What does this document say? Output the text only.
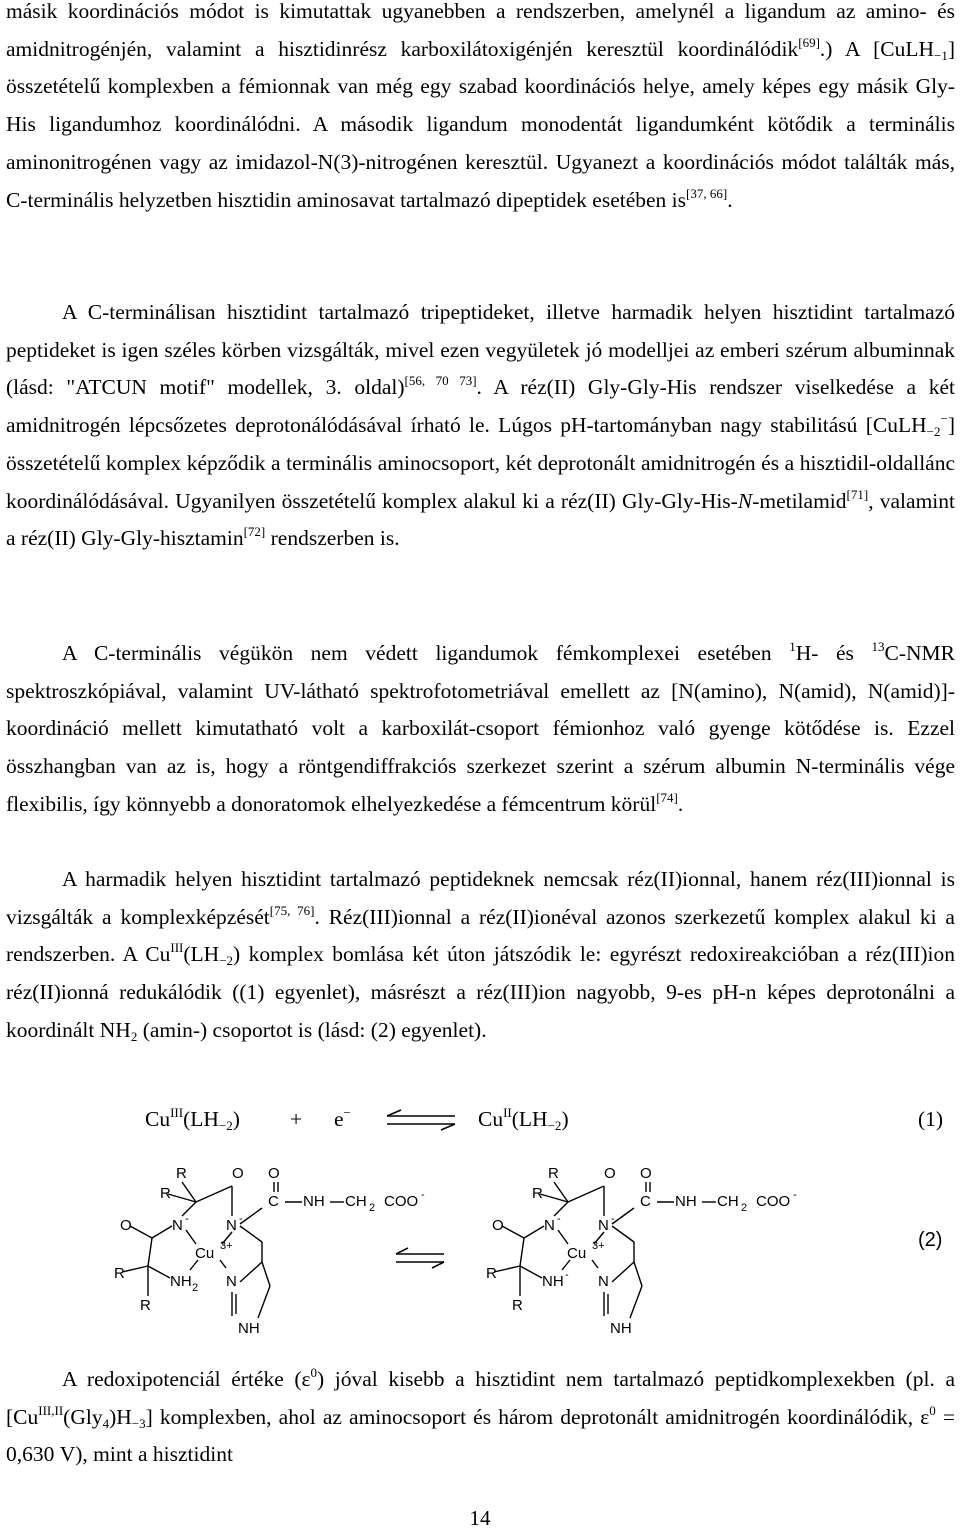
másik koordinációs módot is kimutattak ugyanebben a rendszerben, amelynél a ligandum az amino- és amidnitrogénjén, valamint a hisztidinrész karboxilátoxigénjén keresztül koordinálódik[69].) A [CuLH$_{-1}$] összetételű komplexben a fémionnak van még egy szabad koordinációs helye, amely képes egy másik Gly-His ligandumhoz koordinálódni. A második ligandum monodentát ligandumként kötődik a terminális aminonitrogénen vagy az imidazol-N(3)-nitrogénen keresztül. Ugyanezt a koordinációs módot találták más, C-terminális helyzetben hisztidin aminosavat tartalmazó dipeptidek esetében is[37, 66].

A C-terminálisan hisztidint tartalmazó tripeptideket, illetve harmadik helyen hisztidint tartalmazó peptideket is igen széles körben vizsgálták, mivel ezen vegyületek jó modelljei az emberi szérum albuminnak (lásd: "ATCUN motif" modellek, 3. oldal)[56, 70 73]. A réz(II) Gly-Gly-His rendszer viselkedése a két amidnitrogén lépcsőzetes deprotonálódásával írható le. Lúgos pH-tartományban nagy stabilitású [CuLH$_{-2}$−] összetételű komplex képződik a terminális aminocsoport, két deprotonált amidnitrogén és a hisztidil-oldallánc koordinálódásával. Ugyanilyen összetételű komplex alakul ki a réz(II) Gly-Gly-His-N-metilamid[71], valamint a réz(II) Gly-Gly-hisztamin[72] rendszerben is.

A C-terminális végükön nem védett ligandumok fémkomplexei esetében $^1$H- és $^{13}$C-NMR spektroszkópiával, valamint UV-látható spektrofotometriával emellett az [N(amino), N(amid), N(amid)]-koordináció mellett kimutatható volt a karboxilát-csoport fémionhoz való gyenge kötődése is. Ezzel összhangban van az is, hogy a röntgendiffrakciós szerkezet szerint a szérum albumin N-terminális vége flexibilis, így könnyebb a donoratomok elhelyezkedése a fémcentrum körül[74].

A harmadik helyen hisztidint tartalmazó peptideknek nemcsak réz(II)ionnal, hanem réz(III)ionnal is vizsgálták a komplexképzését[75, 76]. Réz(III)ionnal a réz(II)ionéval azonos szerkezetű komplex alakul ki a rendszerben. A $Cu^{III}(LH_{-2})$ komplex bomlása két úton játszódik le: egyrészt redoxireakcióban a réz(III)ion réz(II)ionná redukálódik ((1) egyenlet), másrészt a réz(III)ion nagyobb, 9-es pH-n képes deprotonálni a koordinált $NH_2$ (amin-) csoportot is (lásd: (2) egyenlet).

$Cu^{III}(LH_{-2}) + e^-$ ⇌ $Cu^{II}(LH_{-2})$	(1)
R	O
R
O	N - N -
Cu 3+
R	NH 2 N
R
NH
C
O
NH CH 2 COO -
R	O
R
O	N - N -
Cu 3+
R	NH - N
R
NH
C
O
NH CH 2 COO -
(2)

A redoxipotenciál értéke $(\varepsilon^0)$ jóval kisebb a hisztidint nem tartalmazó peptidkomplexekben (pl. a $[Cu^{III,II}(Gly_4)H_{-3}]$ komplexben, ahol az aminocsoport és három deprotonált amidnitrogén koordinálódik, $\varepsilon^0 = 0,630$ V), mint a hisztidint

14
